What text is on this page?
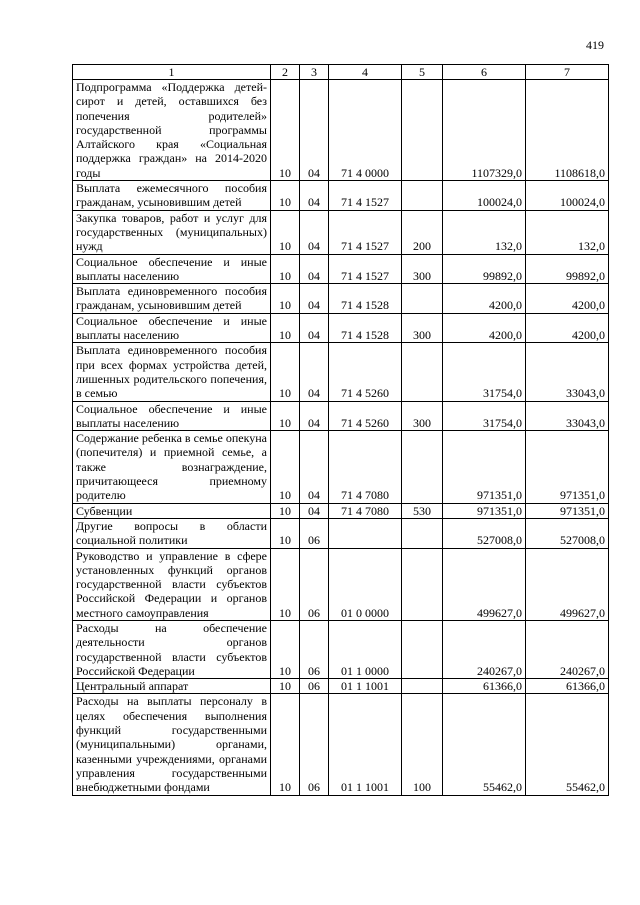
419
1	2	3	4	5	6	7
Подпрограмма «Поддержка детей-сирот и детей, оставшихся без попечения родителей» государственной программы Алтайского края «Социальная поддержка граждан» на 2014-2020 годы	10	04	71 4 0000		1107329,0	1108618,0
Выплата ежемесячного пособия гражданам, усыновившим детей	10	04	71 4 1527		100024,0	100024,0
Закупка товаров, работ и услуг для государственных (муниципальных) нужд	10	04	71 4 1527	200	132,0	132,0
Социальное обеспечение и иные выплаты населению	10	04	71 4 1527	300	99892,0	99892,0
Выплата единовременного пособия гражданам, усыновившим детей	10	04	71 4 1528		4200,0	4200,0
Социальное обеспечение и иные выплаты населению	10	04	71 4 1528	300	4200,0	4200,0
Выплата единовременного пособия при всех формах устройства детей, лишенных родительского попечения, в семью	10	04	71 4 5260		31754,0	33043,0
Социальное обеспечение и иные выплаты населению	10	04	71 4 5260	300	31754,0	33043,0
Содержание ребенка в семье опекуна (попечителя) и приемной семье, а также вознаграждение, причитающееся приемному родителю	10	04	71 4 7080		971351,0	971351,0
Субвенции	10	04	71 4 7080	530	971351,0	971351,0
Другие вопросы в области социальной политики	10	06			527008,0	527008,0
Руководство и управление в сфере установленных функций органов государственной власти субъектов Российской Федерации и органов местного самоуправления	10	06	01 0 0000		499627,0	499627,0
Расходы на обеспечение деятельности органов государственной власти субъектов Российской Федерации	10	06	01 1 0000		240267,0	240267,0
Центральный аппарат	10	06	01 1 1001		61366,0	61366,0
Расходы на выплаты персоналу в целях обеспечения выполнения функций государственными (муниципальными) органами, казенными учреждениями, органами управления государственными внебюджетными фондами	10	06	01 1 1001	100	55462,0	55462,0
